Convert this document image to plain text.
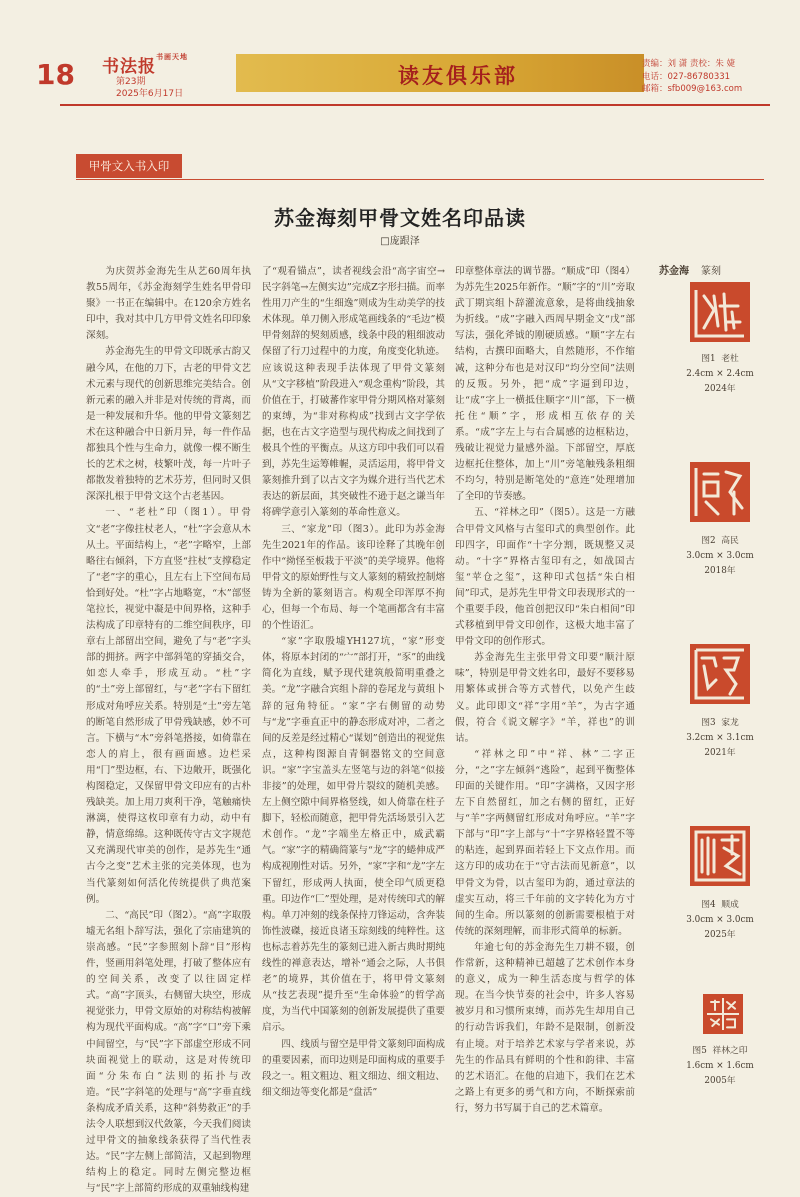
18 书法报$^{书画天地}$
第23期
2025年6月17日
读友俱乐部	责编：刘 潇 责校：朱 婕
电话：027-86780331
邮箱：sfb009@163.com
甲骨文入书入印
苏金海刻甲骨文姓名印品读
□庞跟泽

为庆贺苏金海先生从艺60周年执教55周年，《苏金海刻学生姓名甲骨印聚》一书正在编辑中。在120余方姓名印中，我对其中几方甲骨文姓名印印象深刻。

苏金海先生的甲骨文印既承古韵又融今风，在他的刀下，古老的甲骨文艺术元素与现代的创新思维完美结合。创新元素的融入并非是对传统的背离，而是一种发展和升华。他的甲骨文篆刻艺术在这种融合中日新月异，每一件作品都独具个性与生命力，就像一棵不断生长的艺术之树，枝繁叶茂，每一片叶子都散发着独特的艺术芬芳，但同时又俱深深扎根于甲骨文这个古老基因。

一、“老杜”印（图1）。甲骨文“老”字像拄杖老人，“杜”字会意从木从土。平面结构上，“老”字略窄，上部略往右倾斜，下方直竖“拄杖”支撑稳定了“老”字的重心，且左右上下空间布局恰到好处。“杜”字占地略宽，“木”部竖笔拉长，视觉中凝是中间界格，这种手法构成了印章特有的二维空间秩序，印章右上部留出空间，避免了与“老”字头部的拥挤。两字中部斜笔的穿插交合，如恋人牵手，形成互动。“杜”字的“土”旁上部留红，与“老”字右下留红形成对角呼应关系。特别是“土”旁左笔的断笔自然形成了甲骨残缺感，妙不可言。下横与“木”旁斜笔搭接，如倚靠在恋人的肩上，很有画面感。边栏采用“冂”型边框，右、下边敞开，既强化构图稳定，又保留甲骨文印应有的古朴残缺美。加上用刀爽利干净，笔触痛快淋漓，使得这枚印章有力动，动中有静，情意绵绵。这种既传守古文字规范又充满现代审美的创作，是苏先生“通古今之变”艺术主张的完美体现，也为当代篆刻如何活化传统提供了典范案例。

二、“高民”印（图2）。“高”字取殷墟无名组卜辞写法，强化了宗庙建筑的崇高感。“民”字参照刻卜辞“目”形构件，竖画用斜笔处理，打破了整体应有的空间关系，改变了以往固定样式。“高”字顶头，右侧留大块空，形成视觉张力，甲骨文原始的对称结构被解构为现代平面构成。“高”字“口”旁下乘中间留空，与“民”字下部虚空形成不同块面视觉上的联动，这是对传统印面“分朱布白”法则的拓扑与改造。“民”字斜笔的处理与“高”字垂直线条构成矛盾关系，这种“斜势救正”的手法令人联想到汉代敛篆，今天我们阅读过甲骨文的抽象线条获得了当代性表达。“民”字左侧上部简洁，又起到物理结构上的稳定。同时左侧完整边框与“民”字上部简约形成的双重轴线构建

了“观看锚点”，读者视线会沿“高字宙空→民字斜笔→左侧实边”完成Z字形扫描。而率性用刀产生的“生细逸”则成为生动美学的技术体现。单刀侧入形成笔画线条的“毛边”模甲骨刻辞的契刻质感，线条中段的粗细波动保留了行刀过程中的力度，角度变化轨迹。应该说这种表现手法体现了甲骨文篆刻从“文字移植”阶段进入“观念重构”阶段，其价值在于，打破蕃作家甲骨分期风格对篆刻的束缚，为“非对称构成”找到古文字学依据，也在古文字造型与现代构成之间找到了极具个性的平衡点。从这方印中我们可以看到，苏先生运筹帷幄，灵活运用，将甲骨文篆刻推升到了以古文字为媒介进行当代艺术表达的新层面，其突破性不逊于赵之谦当年将碑学意引入篆刻的革命性意义。

三、“家龙”印（图3）。此印为苏金海先生2021年的作品。该印诠释了其晚年创作中“拗怪至板栽于平淡”的美学境界。他将甲骨文的原始野性与文人篆刻的精致控制熔铸为全新的篆刻语言。构观全印浑厚不拘心，但每一个布局、每一个笔画都含有丰富的个性语汇。

“家”字取殷墟YH127坑，“家”形变体，将原本封闭的“宀”部打开，“豕”的曲线简化为直线，赋予现代建筑般简明重叠之美。“龙”字融合宾组卜辞的卷尾龙与黄组卜辞的冠角特征。“家”字右侧留的动势与“龙”字垂直正中的静态形成对冲，二者之间的反差是经过精心“谋划”创造出的视觉焦点，这种构图源自青铜器铭文的空间意识。“家”字宝盖头左竖笔与边的斜笔“似接非接”的处理，如甲骨片裂纹的随机美感。左上侧空隙中间界格竖线，如人倚靠在柱子脚下，轻松而随意，把甲骨先活场景引入艺术创作。“龙”字端坐左格正中，威武霸气。“家”字的精确简篆与“龙”字的蜷伸成严构成视刚性对话。另外，“家”字和“龙”字左下留红，形成两人执面，使全印气质更稳重。印边作“匚”型处理，是对传统印式的解构。单刀冲刻的线条保持刀锋运动，含奔装饰性波磔，接近良诸玉琮刻线的纯粹性。这也标志着苏先生的篆刻已进入新古典时期纯线性的禅意表达，增补“通会之际，人书俱老”的境界，其价值在于，将甲骨文篆刻从“技艺表现”提升至“生命体验”的哲学高度，为当代中国篆刻的创新发展提供了重要启示。

四、线质与留空是甲骨文篆刻印面构成的重要因素，而印边则是印面构成的重要手段之一。粗文粗边、粗文细边、细文粗边、细文细边等变化都是“盘活”

印章整体章法的调节器。“顺成”印（图4）为苏先生2025年新作。“顺”字的“川”旁取武丁期宾组卜辞灌流意象，是将曲线抽象为折线。“成”字融入西周早期金文“戊”部写法，强化斧钺的刚硬质感。“顺”字左右结构，古撰印面略大，自然随形，不作缩减，这种分布也是对汉印“均分空间”法则的反叛。另外，把“成”字逼到印边，让“成”字上一横抵住顺字“川”部，下一横托住“顺”字，形成相互依存的关系。“成”字左上与右合属感的边框粘边，残破让视觉力量感外溢。下部留空，厚底边框托住整体，加上“川”旁笔触残条粗细不均匀，特别是断笔处的“意连”处理增加了全印的节奏感。

五、“祥林之印”（图5）。这是一方融合甲骨文风格与古玺印式的典型创作。此印四字，印面作“十字分割，既规整又灵动。“十字”界格古玺印有之，如战国古玺“苹仓之玺”，这种印式包括“朱白相间”印式，是苏先生甲骨文印表现形式的一个重要手段，他首创把汉印“朱白相间”印式移植到甲骨文印创作，这极大地丰富了甲骨文印的创作形式。

苏金海先生主张甲骨文印要“顺汁原味”，特别是甲骨文姓名印，最好不要移易用繁体或拼合等方式替代，以免产生歧义。此印即文“祥”字用“羊”，为古字通假，符合《说文解字》“羊，祥也”的训诂。

“祥林之印”中“祥、林”二字正分，“之”字左倾斜“逃险”，起到平衡整体印面的关键作用。“印”字满格，又因字形左下自然留红，加之右侧的留红，正好与“羊”字两侧留红形成对角呼应。“羊”字下部与“印”字上部与“十”字界格轻置不等的粘连，起到界面若轻上下文点作用。而这方印的成功在于“守古法而见新意”，以甲骨文为骨，以古玺印为韵，通过章法的虚实互动，将三千年前的文字转化为方寸间的生命。所以篆刻的创新需要根植于对传统的深刻理解，而非形式简单的标新。

年逾七旬的苏金海先生刀耕不辍，创作常新，这种精神已超越了艺术创作本身的意义，成为一种生活态度与哲学的体现。在当今快节奏的社会中，许多人容易被岁月和习惯所束缚，而苏先生却用自己的行动告诉我们，年龄不是限制，创新没有止境。对于培养艺术家与学者来说，苏先生的作品具有鲜明的个性和韵律、丰富的艺术语汇。在他的启迪下，我们在艺术之路上有更多的勇气和方向，不断探索前行，努力书写属于自己的艺术篇章。

苏金海 篆刻
图1 老杜
2.4cm × 2.4cm
2024年
图2 高民
3.0cm × 3.0cm
2018年
图3 家龙
3.2cm × 3.1cm
2021年
图4 顺成
3.0cm × 3.0cm
2025年
图5 祥林之印
1.6cm × 1.6cm
2005年
